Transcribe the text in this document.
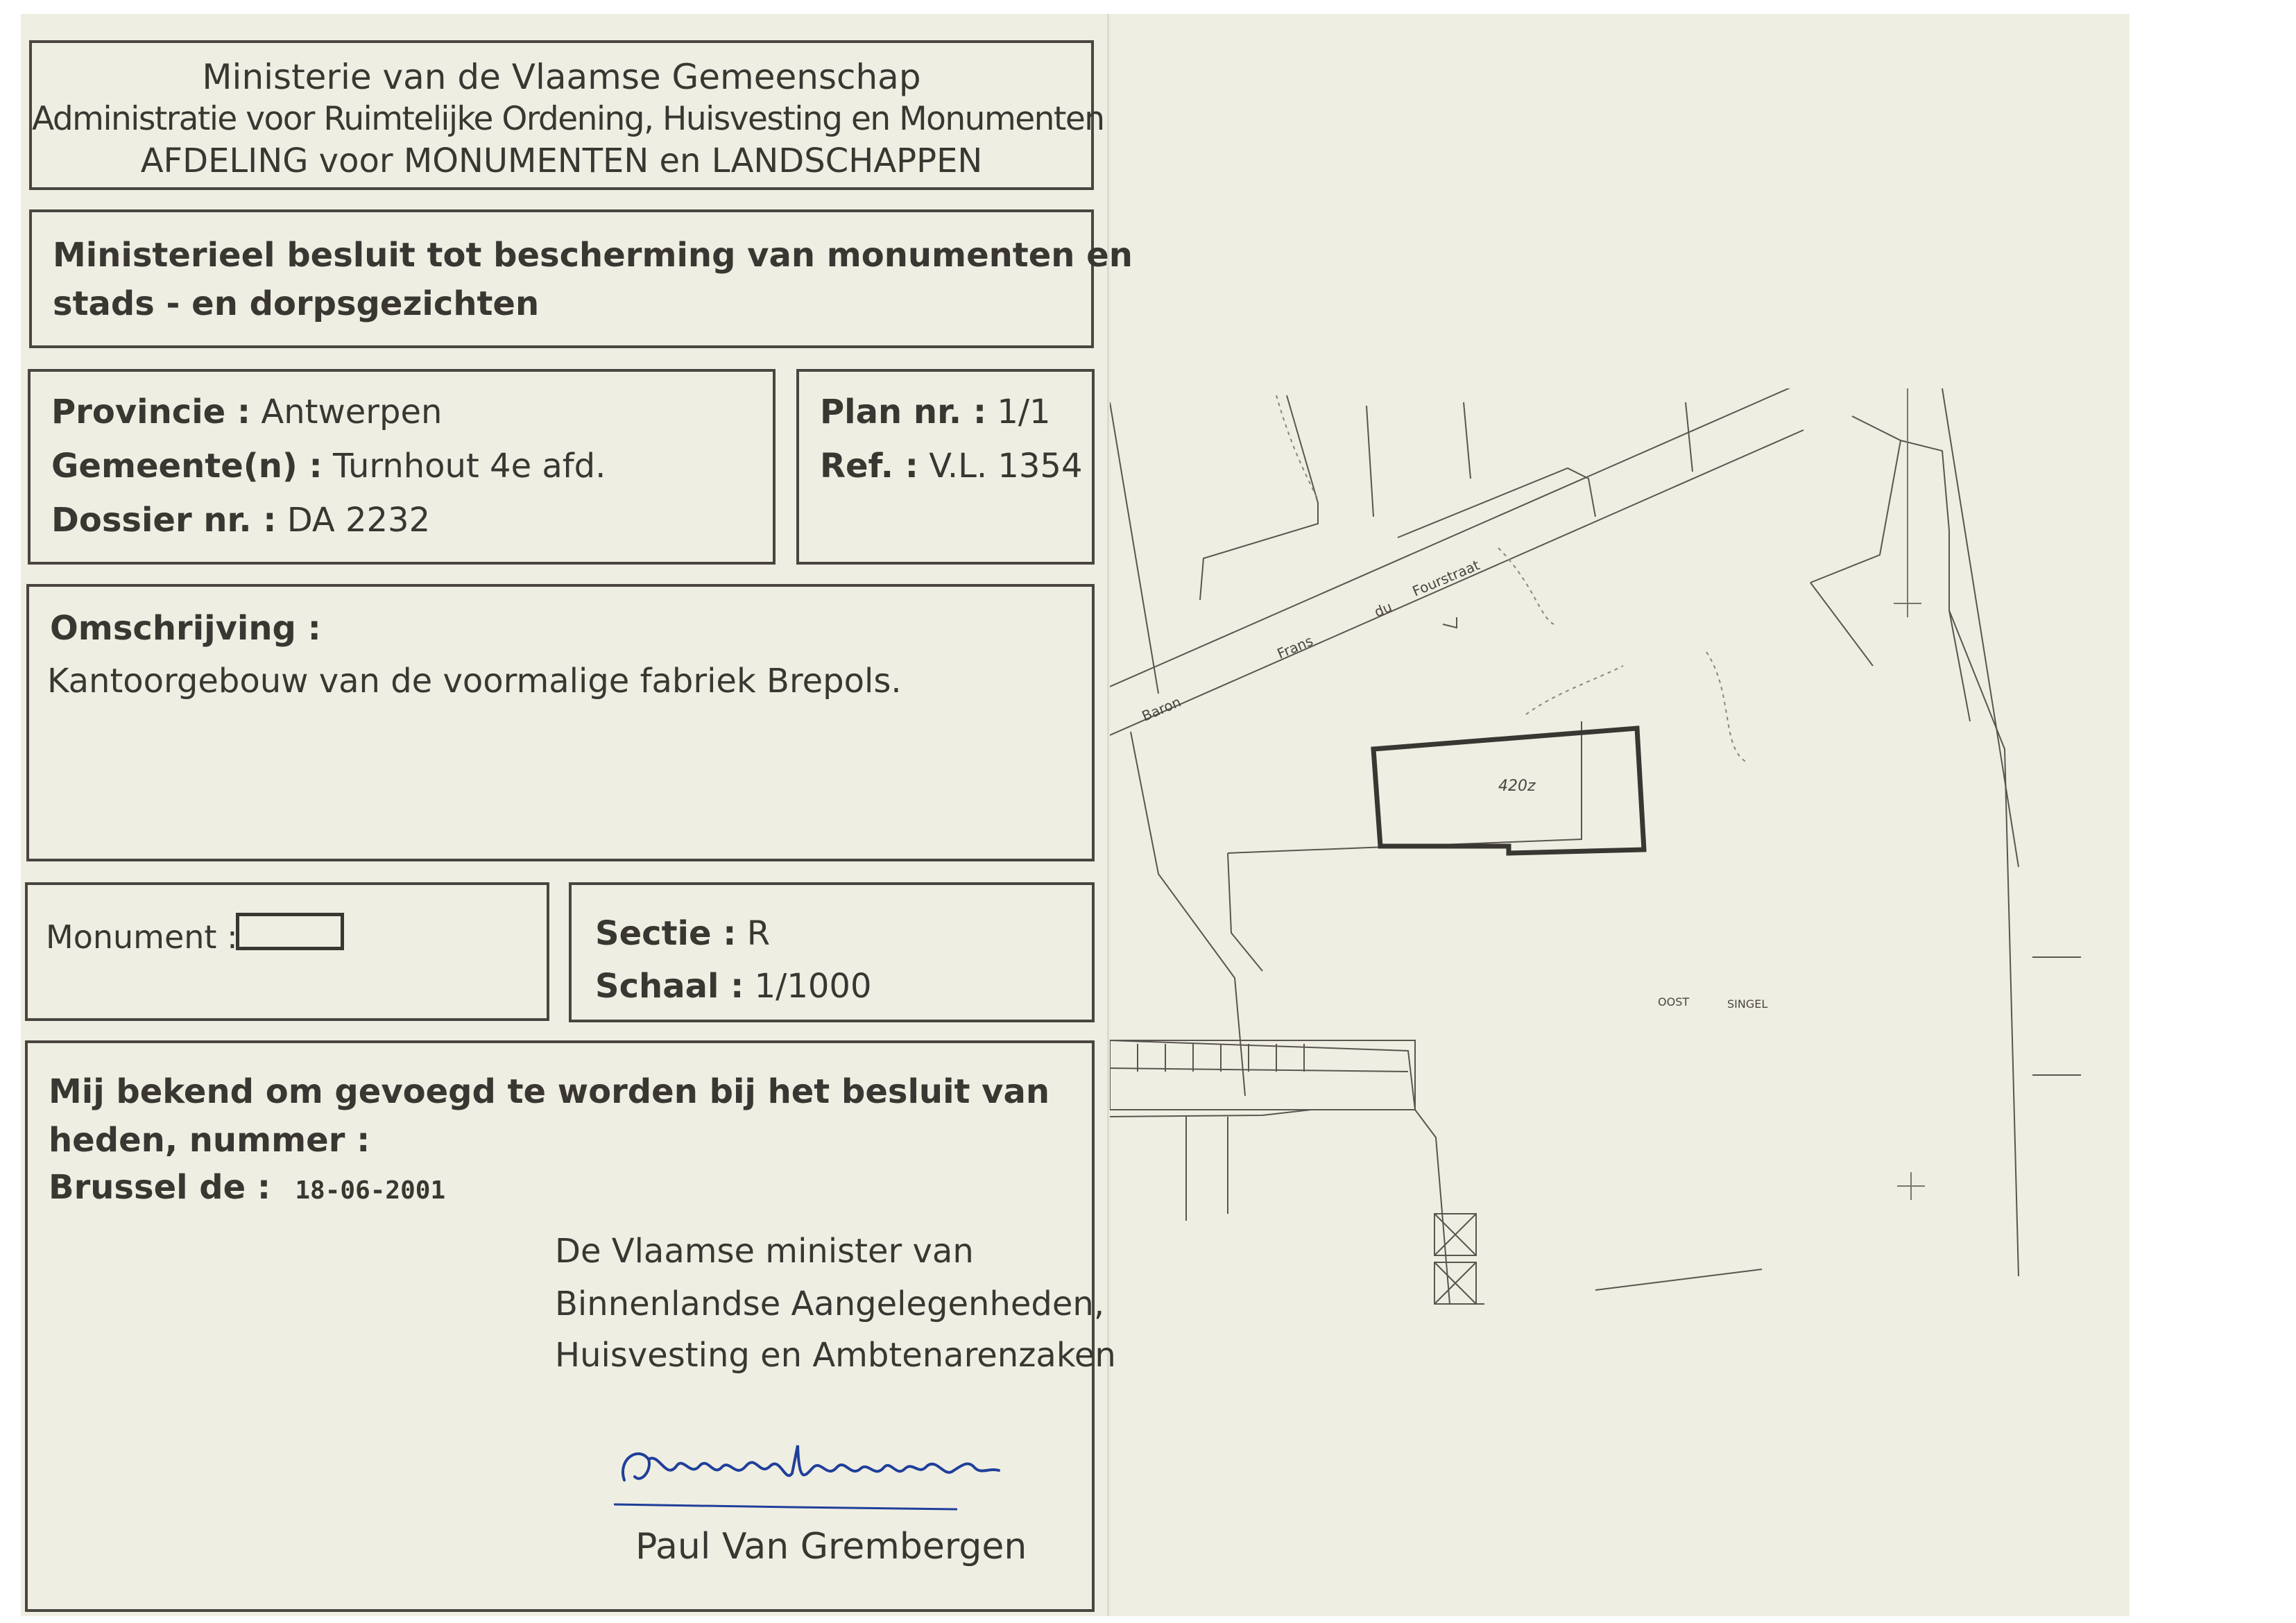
Ministerie van de Vlaamse Gemeenschap
Administratie voor Ruimtelijke Ordening, Huisvesting en Monumenten
AFDELING voor MONUMENTEN en LANDSCHAPPEN
Ministerieel besluit tot bescherming van monumenten en
stads - en dorpsgezichten
Provincie : Antwerpen
Gemeente(n) : Turnhout 4e afd.
Dossier nr. : DA 2232
Plan nr. : 1/1
Ref. : V.L. 1354
Omschrijving :
Kantoorgebouw van de voormalige fabriek Brepols.
Monument :	Sectie : R
Schaal : 1/1000
Mij bekend om gevoegd te worden bij het besluit van
heden, nummer :
Brussel de : 18-06-2001
De Vlaamse minister van
Binnenlandse Aangelegenheden,
Huisvesting en Ambtenarenzaken
Paul Van Grembergen
Baron
Frans
du
Fourstraat
420z
OOST	SINGEL
